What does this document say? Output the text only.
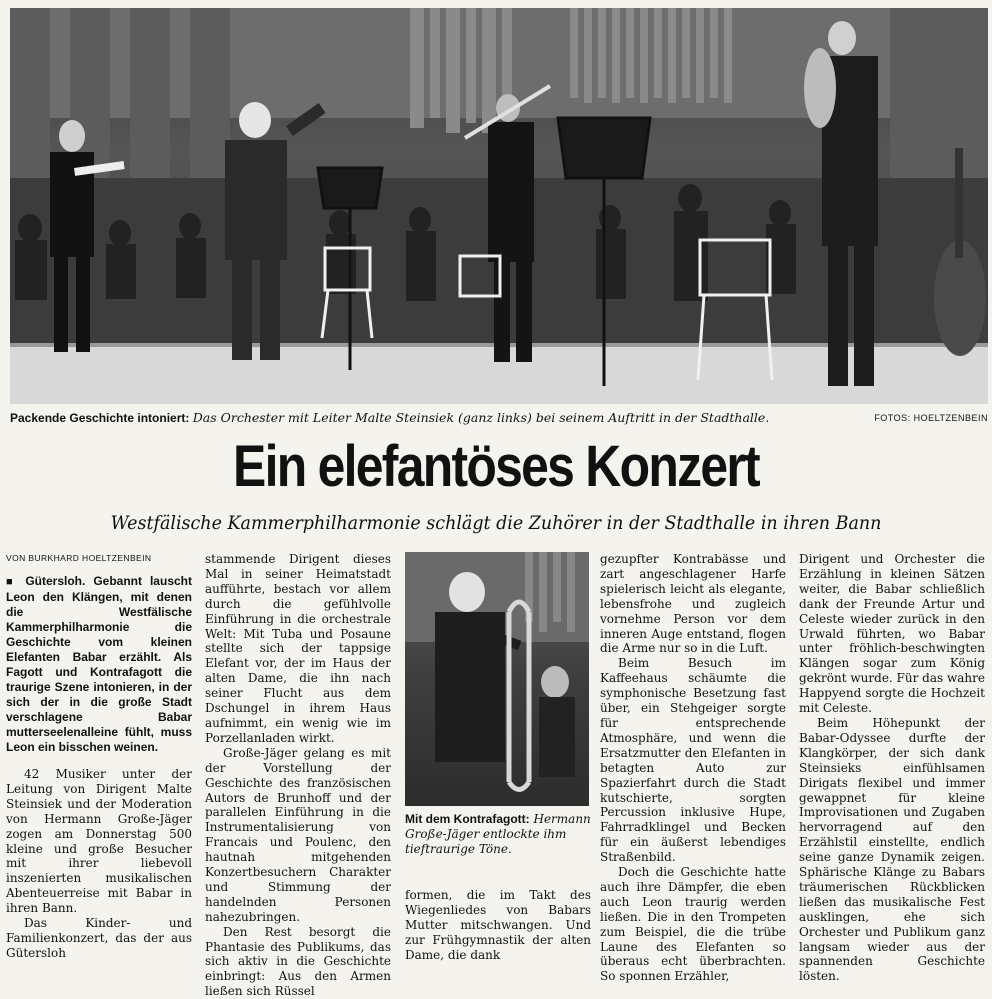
Packende Geschichte intoniert: Das Orchester mit Leiter Malte Steinsiek (ganz links) bei seinem Auftritt in der Stadthalle.	FOTOS: HOELTZENBEIN
Ein elefantöses Konzert
Westfälische Kammerphilharmonie schlägt die Zuhörer in der Stadthalle in ihren Bann
VON BURKHARD HOELTZENBEIN

■ Gütersloh. Gebannt lauscht Leon den Klängen, mit denen die Westfälische Kammerphilharmonie die Geschichte vom kleinen Elefanten Babar erzählt. Als Fagott und Kontrafagott die traurige Szene intonieren, in der sich der in die große Stadt verschlagene Babar mutterseelenalleine fühlt, muss Leon ein bisschen weinen.

42 Musiker unter der Leitung von Dirigent Malte Steinsiek und der Moderation von Hermann Große-Jäger zogen am Donnerstag 500 kleine und große Besucher mit ihrer liebevoll inszenierten musikalischen Abenteuerreise mit Babar in ihren Bann.

Das Kinder- und Familienkonzert, das der aus Gütersloh

stammende Dirigent dieses Mal in seiner Heimatstadt aufführte, bestach vor allem durch die gefühlvolle Einführung in die orchestrale Welt: Mit Tuba und Posaune stellte sich der tappsige Elefant vor, der im Haus der alten Dame, die ihn nach seiner Flucht aus dem Dschungel in ihrem Haus aufnimmt, ein wenig wie im Porzellanladen wirkt.

Große-Jäger gelang es mit der Vorstellung der Geschichte des französischen Autors de Brunhoff und der parallelen Einführung in die Instrumentalisierung von Francais und Poulenc, den hautnah mitgehenden Konzertbesuchern Charakter und Stimmung der handelnden Personen nahezubringen.

Den Rest besorgt die Phantasie des Publikums, das sich aktiv in die Geschichte einbringt: Aus den Armen ließen sich Rüssel

Mit dem Kontrafagott: Hermann Große-Jäger entlockte ihm tieftraurige Töne.

formen, die im Takt des Wiegenliedes von Babars Mutter mitschwangen. Und zur Frühgymnastik der alten Dame, die dank

gezupfter Kontrabässe und zart angeschlagener Harfe spielerisch leicht als elegante, lebensfrohe und zugleich vornehme Person vor dem inneren Auge entstand, flogen die Arme nur so in die Luft.

Beim Besuch im Kaffeehaus schäumte die symphonische Besetzung fast über, ein Stehgeiger sorgte für entsprechende Atmosphäre, und wenn die Ersatzmutter den Elefanten in betagten Auto zur Spazierfahrt durch die Stadt kutschierte, sorgten Percussion inklusive Hupe, Fahrradklingel und Becken für ein äußerst lebendiges Straßenbild.

Doch die Geschichte hatte auch ihre Dämpfer, die eben auch Leon traurig werden ließen. Die in den Trompeten zum Beispiel, die die trübe Laune des Elefanten so überaus echt überbrachten. So sponnen Erzähler,

Dirigent und Orchester die Erzählung in kleinen Sätzen weiter, die Babar schließlich dank der Freunde Artur und Celeste wieder zurück in den Urwald führten, wo Babar unter fröhlich-beschwingten Klängen sogar zum König gekrönt wurde. Für das wahre Happyend sorgte die Hochzeit mit Celeste.

Beim Höhepunkt der Babar-Odyssee durfte der Klangkörper, der sich dank Steinsieks einfühlsamen Dirigats flexibel und immer gewappnet für kleine Improvisationen und Zugaben hervorragend auf den Erzählstil einstellte, endlich seine ganze Dynamik zeigen. Sphärische Klänge zu Babars träumerischen Rückblicken ließen das musikalische Fest ausklingen, ehe sich Orchester und Publikum ganz langsam wieder aus der spannenden Geschichte lösten.
